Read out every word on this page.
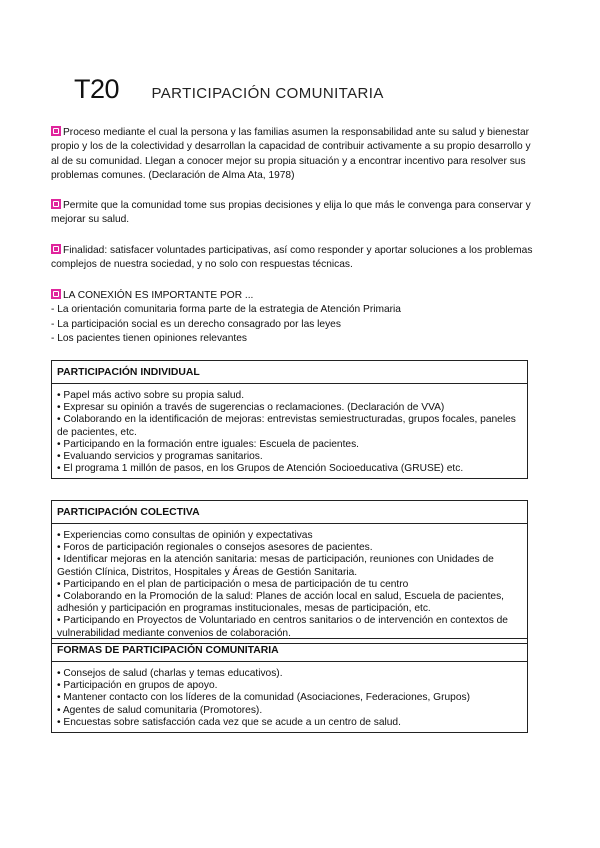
T20 PARTICIPACIÓN COMUNITARIA
Proceso mediante el cual la persona y las familias asumen la responsabilidad ante su salud y bienestar propio y los de la colectividad y desarrollan la capacidad de contribuir activamente a su propio desarrollo y al de su comunidad. Llegan a conocer mejor su propia situación y a encontrar incentivo para resolver sus problemas comunes. (Declaración de Alma Ata, 1978)
Permite que la comunidad tome sus propias decisiones y elija lo que más le convenga para conservar y mejorar su salud.
Finalidad: satisfacer voluntades participativas, así como responder y aportar soluciones a los problemas complejos de nuestra sociedad, y no solo con respuestas técnicas.
LA CONEXIÓN ES IMPORTANTE POR ...
- La orientación comunitaria forma parte de la estrategia de Atención Primaria
- La participación social es un derecho consagrado por las leyes
- Los pacientes tienen opiniones relevantes
PARTICIPACIÓN INDIVIDUAL
• Papel más activo sobre su propia salud.
• Expresar su opinión a través de sugerencias o reclamaciones. (Declaración de VVA)
• Colaborando en la identificación de mejoras: entrevistas semiestructuradas, grupos focales, paneles de pacientes, etc.
• Participando en la formación entre iguales: Escuela de pacientes.
• Evaluando servicios y programas sanitarios.
• El programa 1 millón de pasos, en los Grupos de Atención Socioeducativa (GRUSE) etc.
PARTICIPACIÓN COLECTIVA
• Experiencias como consultas de opinión y expectativas
• Foros de participación regionales o consejos asesores de pacientes.
• Identificar mejoras en la atención sanitaria: mesas de participación, reuniones con Unidades de Gestión Clínica, Distritos, Hospitales y Áreas de Gestión Sanitaria.
• Participando en el plan de participación o mesa de participación de tu centro
• Colaborando en la Promoción de la salud: Planes de acción local en salud, Escuela de pacientes, adhesión y participación en programas institucionales, mesas de participación, etc.
• Participando en Proyectos de Voluntariado en centros sanitarios o de intervención en contextos de vulnerabilidad mediante convenios de colaboración.
FORMAS DE PARTICIPACIÓN COMUNITARIA
• Consejos de salud (charlas y temas educativos).
• Participación en grupos de apoyo.
• Mantener contacto con los líderes de la comunidad (Asociaciones, Federaciones, Grupos)
• Agentes de salud comunitaria (Promotores).
• Encuestas sobre satisfacción cada vez que se acude a un centro de salud.
